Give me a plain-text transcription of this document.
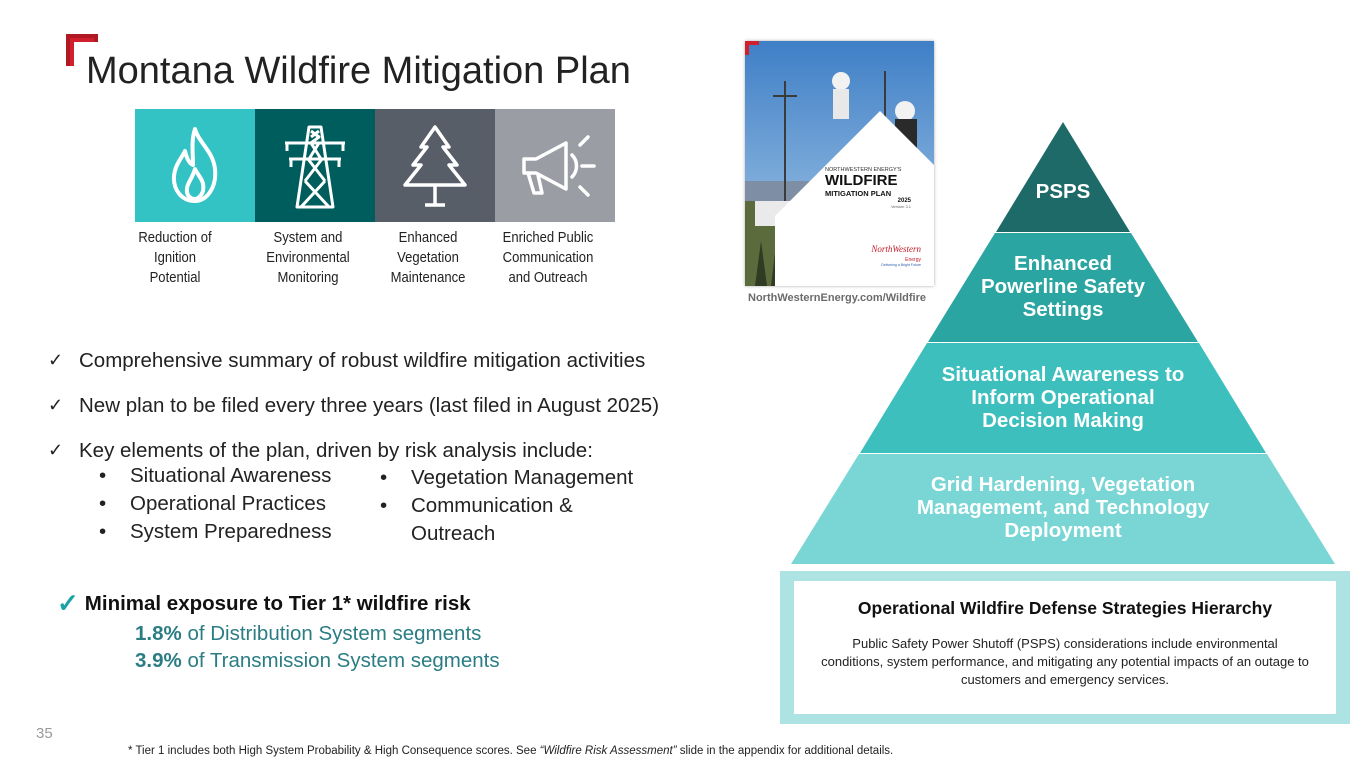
Montana Wildfire Mitigation Plan
Reduction of Ignition Potential
System and Environmental Monitoring
Enhanced Vegetation Maintenance
Enriched Public Communication and Outreach
NORTHWESTERN ENERGY'S
WILDFIRE
MITIGATION PLAN
2025
Version 3.1
NorthWestern
Energy
Delivering a Bright Future
NorthWesternEnergy.com/Wildfire
✓ Comprehensive summary of robust wildfire mitigation activities
✓ New plan to be filed every three years (last filed in August 2025)
✓ Key elements of the plan, driven by risk analysis include:
•	Situational Awareness
•	Operational Practices
•	System Preparedness
•	Vegetation Management
•	Communication &
Outreach
✓ Minimal exposure to Tier 1* wildfire risk
1.8% of Distribution System segments
3.9% of Transmission System segments
PSPS
Enhanced Powerline Safety Settings
Situational Awareness to Inform Operational Decision Making
Grid Hardening, Vegetation Management, and Technology Deployment
Operational Wildfire Defense Strategies Hierarchy
Public Safety Power Shutoff (PSPS) considerations include environmental conditions, system performance, and mitigating any potential impacts of an outage to customers and emergency services.
35
* Tier 1 includes both High System Probability & High Consequence scores. See “Wildfire Risk Assessment” slide in the appendix for additional details.
